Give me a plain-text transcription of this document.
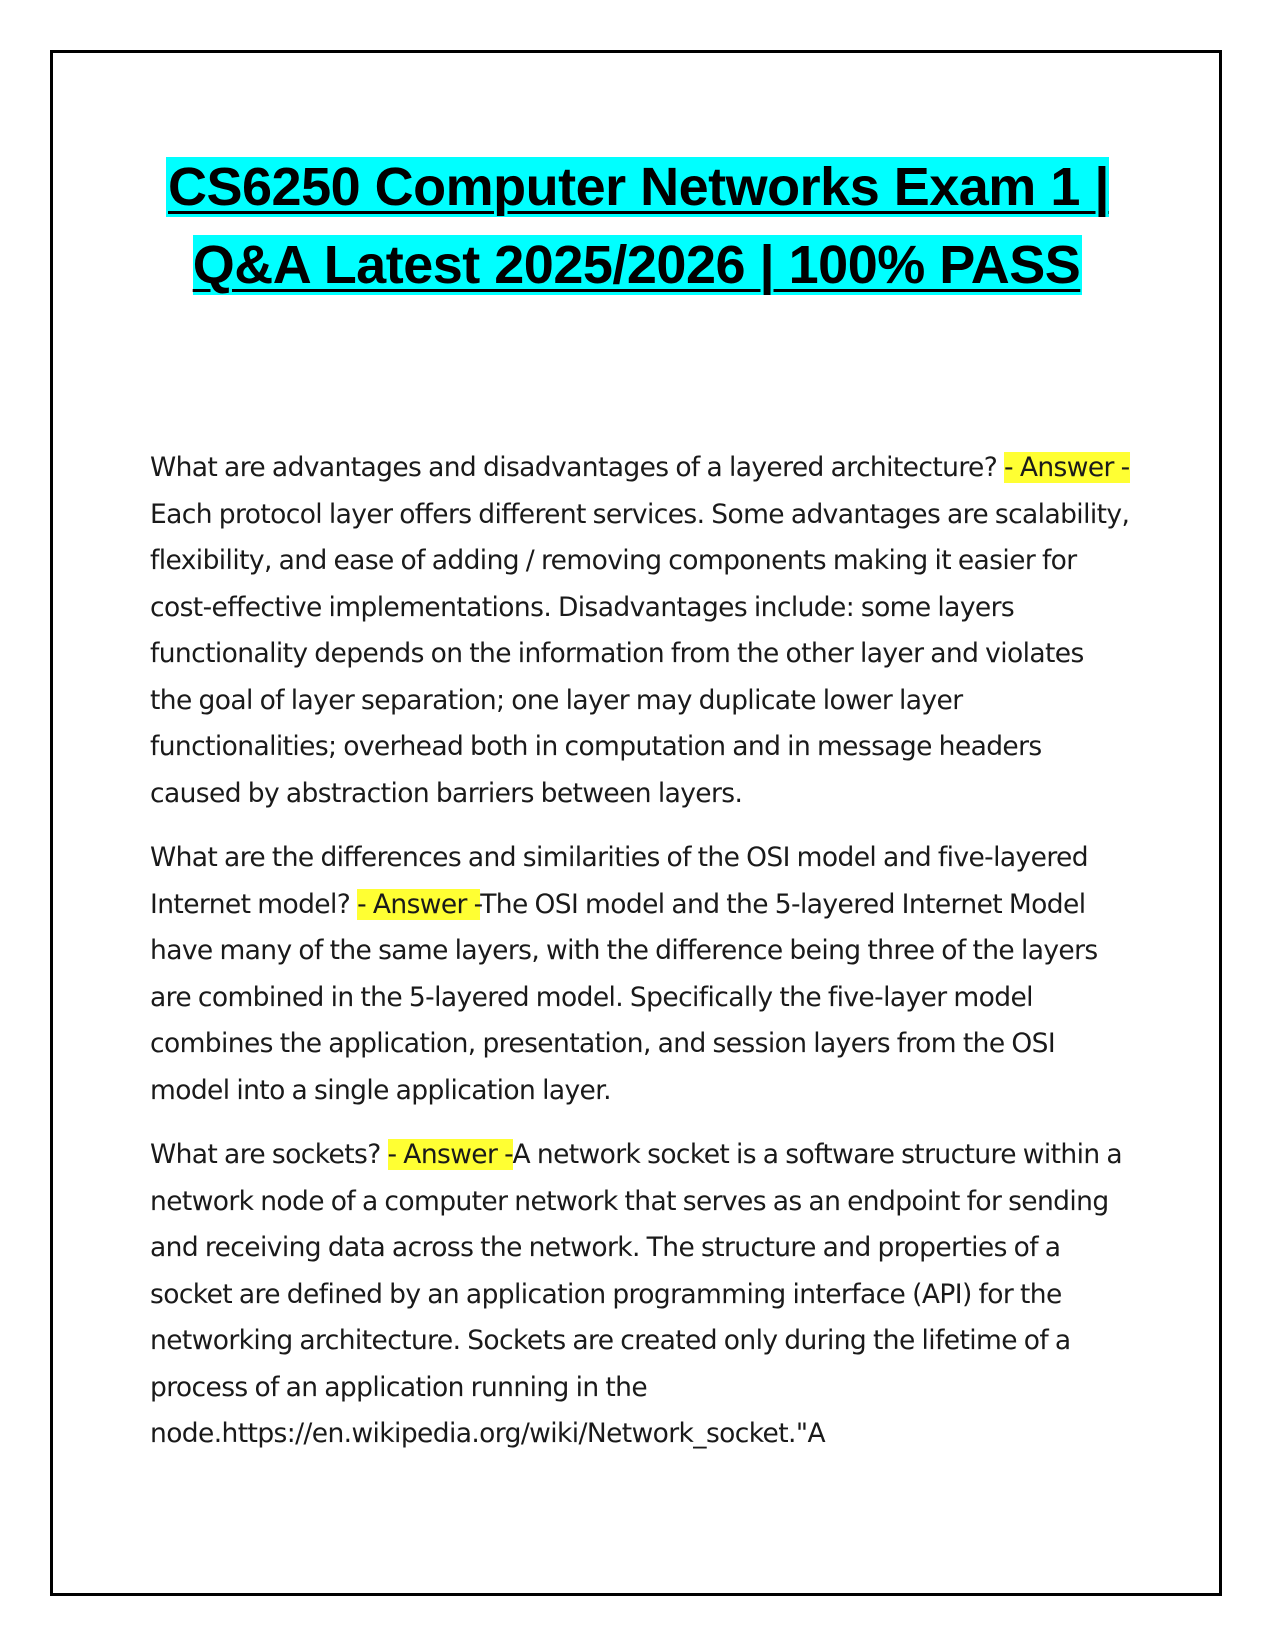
CS6250 Computer Networks Exam 1 | Q&A Latest 2025/2026 | 100% PASS

What are advantages and disadvantages of a layered architecture? - Answer -Each protocol layer offers different services. Some advantages are scalability, flexibility, and ease of adding / removing components making it easier for cost-effective implementations. Disadvantages include: some layers functionality depends on the information from the other layer and violates the goal of layer separation; one layer may duplicate lower layer functionalities; overhead both in computation and in message headers caused by abstraction barriers between layers.

What are the differences and similarities of the OSI model and five-layered Internet model? - Answer -The OSI model and the 5-layered Internet Model have many of the same layers, with the difference being three of the layers are combined in the 5-layered model. Specifically the five-layer model combines the application, presentation, and session layers from the OSI model into a single application layer.

What are sockets? - Answer -A network socket is a software structure within a network node of a computer network that serves as an endpoint for sending and receiving data across the network. The structure and properties of a socket are defined by an application programming interface (API) for the networking architecture. Sockets are created only during the lifetime of a process of an application running in the node.https://en.wikipedia.org/wiki/Network_socket."A
